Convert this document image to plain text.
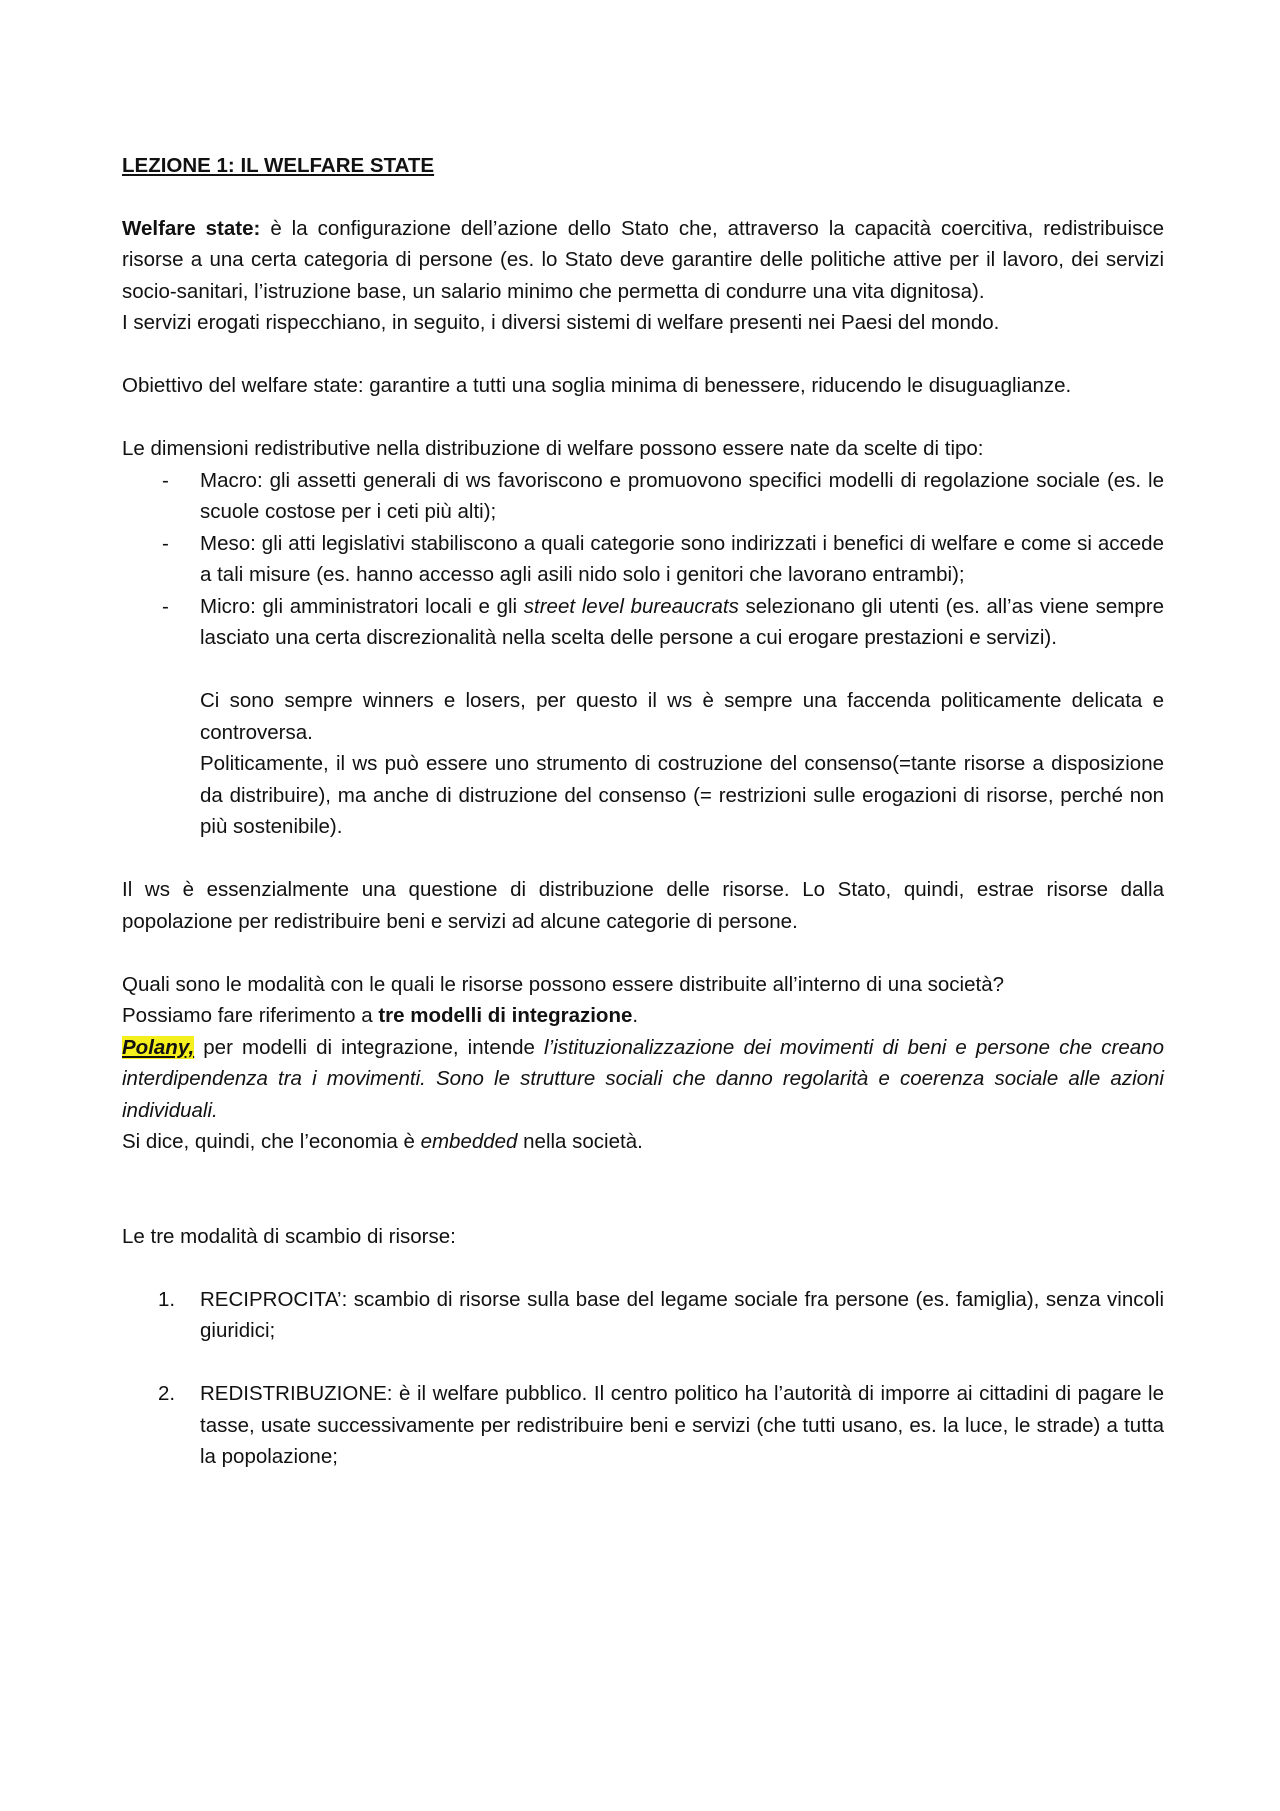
LEZIONE 1: IL WELFARE STATE

Welfare state: è la configurazione dell’azione dello Stato che, attraverso la capacità coercitiva, redistribuisce risorse a una certa categoria di persone (es. lo Stato deve garantire delle politiche attive per il lavoro, dei servizi socio-sanitari, l’istruzione base, un salario minimo che permetta di condurre una vita dignitosa).

I servizi erogati rispecchiano, in seguito, i diversi sistemi di welfare presenti nei Paesi del mondo.

Obiettivo del welfare state: garantire a tutti una soglia minima di benessere, riducendo le disuguaglianze.

Le dimensioni redistributive nella distribuzione di welfare possono essere nate da scelte di tipo:

- Macro: gli assetti generali di ws favoriscono e promuovono specifici modelli di regolazione sociale (es. le scuole costose per i ceti più alti);
- Meso: gli atti legislativi stabiliscono a quali categorie sono indirizzati i benefici di welfare e come si accede a tali misure (es. hanno accesso agli asili nido solo i genitori che lavorano entrambi);
- Micro: gli amministratori locali e gli street level bureaucrats selezionano gli utenti (es. all’as viene sempre lasciato una certa discrezionalità nella scelta delle persone a cui erogare prestazioni e servizi).

Ci sono sempre winners e losers, per questo il ws è sempre una faccenda politicamente delicata e controversa.

Politicamente, il ws può essere uno strumento di costruzione del consenso(=tante risorse a disposizione da distribuire), ma anche di distruzione del consenso (= restrizioni sulle erogazioni di risorse, perché non più sostenibile).

Il ws è essenzialmente una questione di distribuzione delle risorse. Lo Stato, quindi, estrae risorse dalla popolazione per redistribuire beni e servizi ad alcune categorie di persone.

Quali sono le modalità con le quali le risorse possono essere distribuite all’interno di una società?

Possiamo fare riferimento a tre modelli di integrazione.

Polany, per modelli di integrazione, intende l’istituzionalizzazione dei movimenti di beni e persone che creano interdipendenza tra i movimenti. Sono le strutture sociali che danno regolarità e coerenza sociale alle azioni individuali.

Si dice, quindi, che l’economia è embedded nella società.

Le tre modalità di scambio di risorse:

1. RECIPROCITA’: scambio di risorse sulla base del legame sociale fra persone (es. famiglia), senza vincoli giuridici;
2. REDISTRIBUZIONE: è il welfare pubblico. Il centro politico ha l’autorità di imporre ai cittadini di pagare le tasse, usate successivamente per redistribuire beni e servizi (che tutti usano, es. la luce, le strade) a tutta la popolazione;
